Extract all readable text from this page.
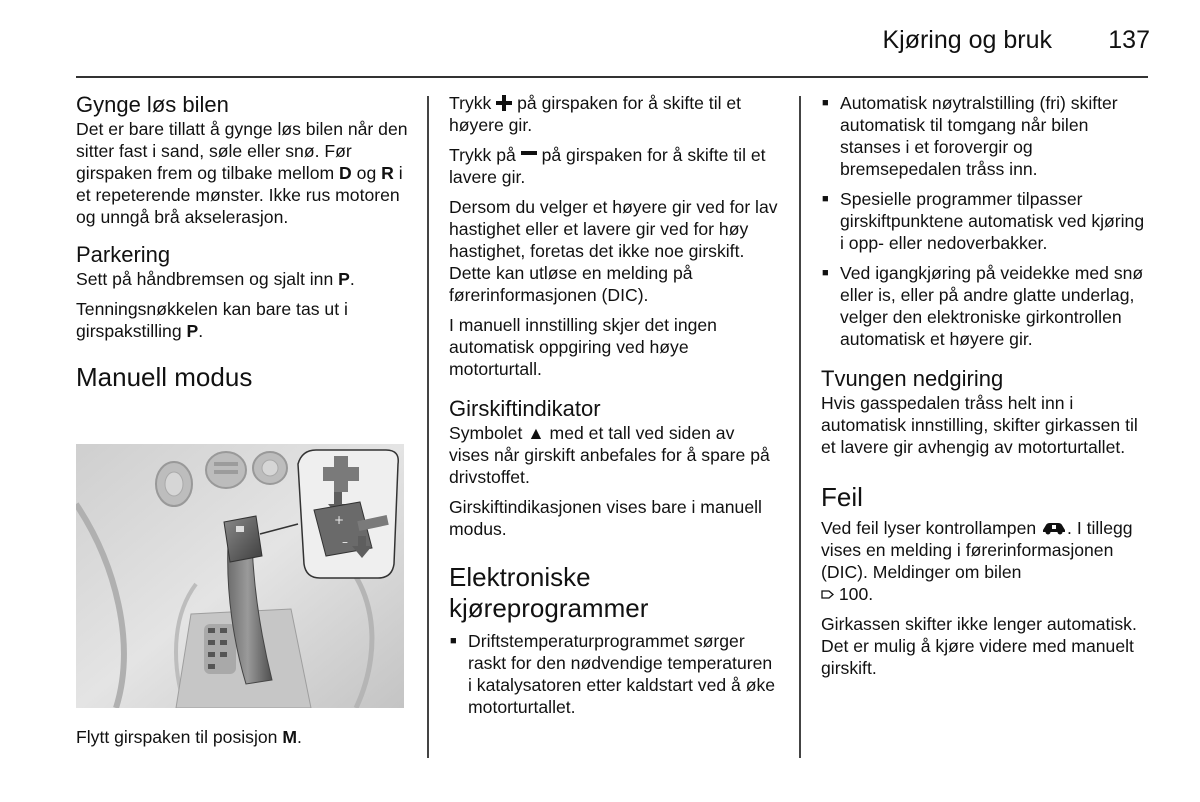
Kjøring og bruk 137
Gynge løs bilen

Det er bare tillatt å gynge løs bilen når den sitter fast i sand, søle eller snø. Før girspaken frem og tilbake mellom D og R i et repeterende mønster. Ikke rus motoren og unngå brå akselerasjon.

Parkering

Sett på håndbremsen og sjalt inn P.

Tenningsnøkkelen kan bare tas ut i girspakstilling P.

Manuell modus
+
–
Flytt girspaken til posisjon M.

Trykk på girspaken for å skifte til et høyere gir.

Trykk på på girspaken for å skifte til et lavere gir.

Dersom du velger et høyere gir ved for lav hastighet eller et lavere gir ved for høy hastighet, foretas det ikke noe girskift. Dette kan utløse en melding på førerinformasjonen (DIC).

I manuell innstilling skjer det ingen automatisk oppgiring ved høye motorturtall.

Girskiftindikator

Symbolet ▲ med et tall ved siden av vises når girskift anbefales for å spare på drivstoffet.

Girskiftindikasjonen vises bare i manuell modus.

Elektroniske
kjøreprogrammer
■ Driftstemperaturprogrammet sørger raskt for den nødvendige temperaturen i katalysatoren etter kaldstart ved å øke motorturtallet.
■ Automatisk nøytralstilling (fri) skifter automatisk til tomgang når bilen stanses i et forovergir og bremsepedalen tråss inn.
■ Spesielle programmer tilpasser girskiftpunktene automatisk ved kjøring i opp- eller nedoverbakker.
■ Ved igangkjøring på veidekke med snø eller is, eller på andre glatte underlag, velger den elektroniske girkontrollen automatisk et høyere gir.
Tvungen nedgiring

Hvis gasspedalen tråss helt inn i automatisk innstilling, skifter girkassen til et lavere gir avhengig av motorturtallet.

Feil

Ved feil lyser kontrollampen . I tillegg vises en melding i førerinformasjonen (DIC). Meldinger om bilen
100.

Girkassen skifter ikke lenger automatisk. Det er mulig å kjøre videre med manuelt girskift.
